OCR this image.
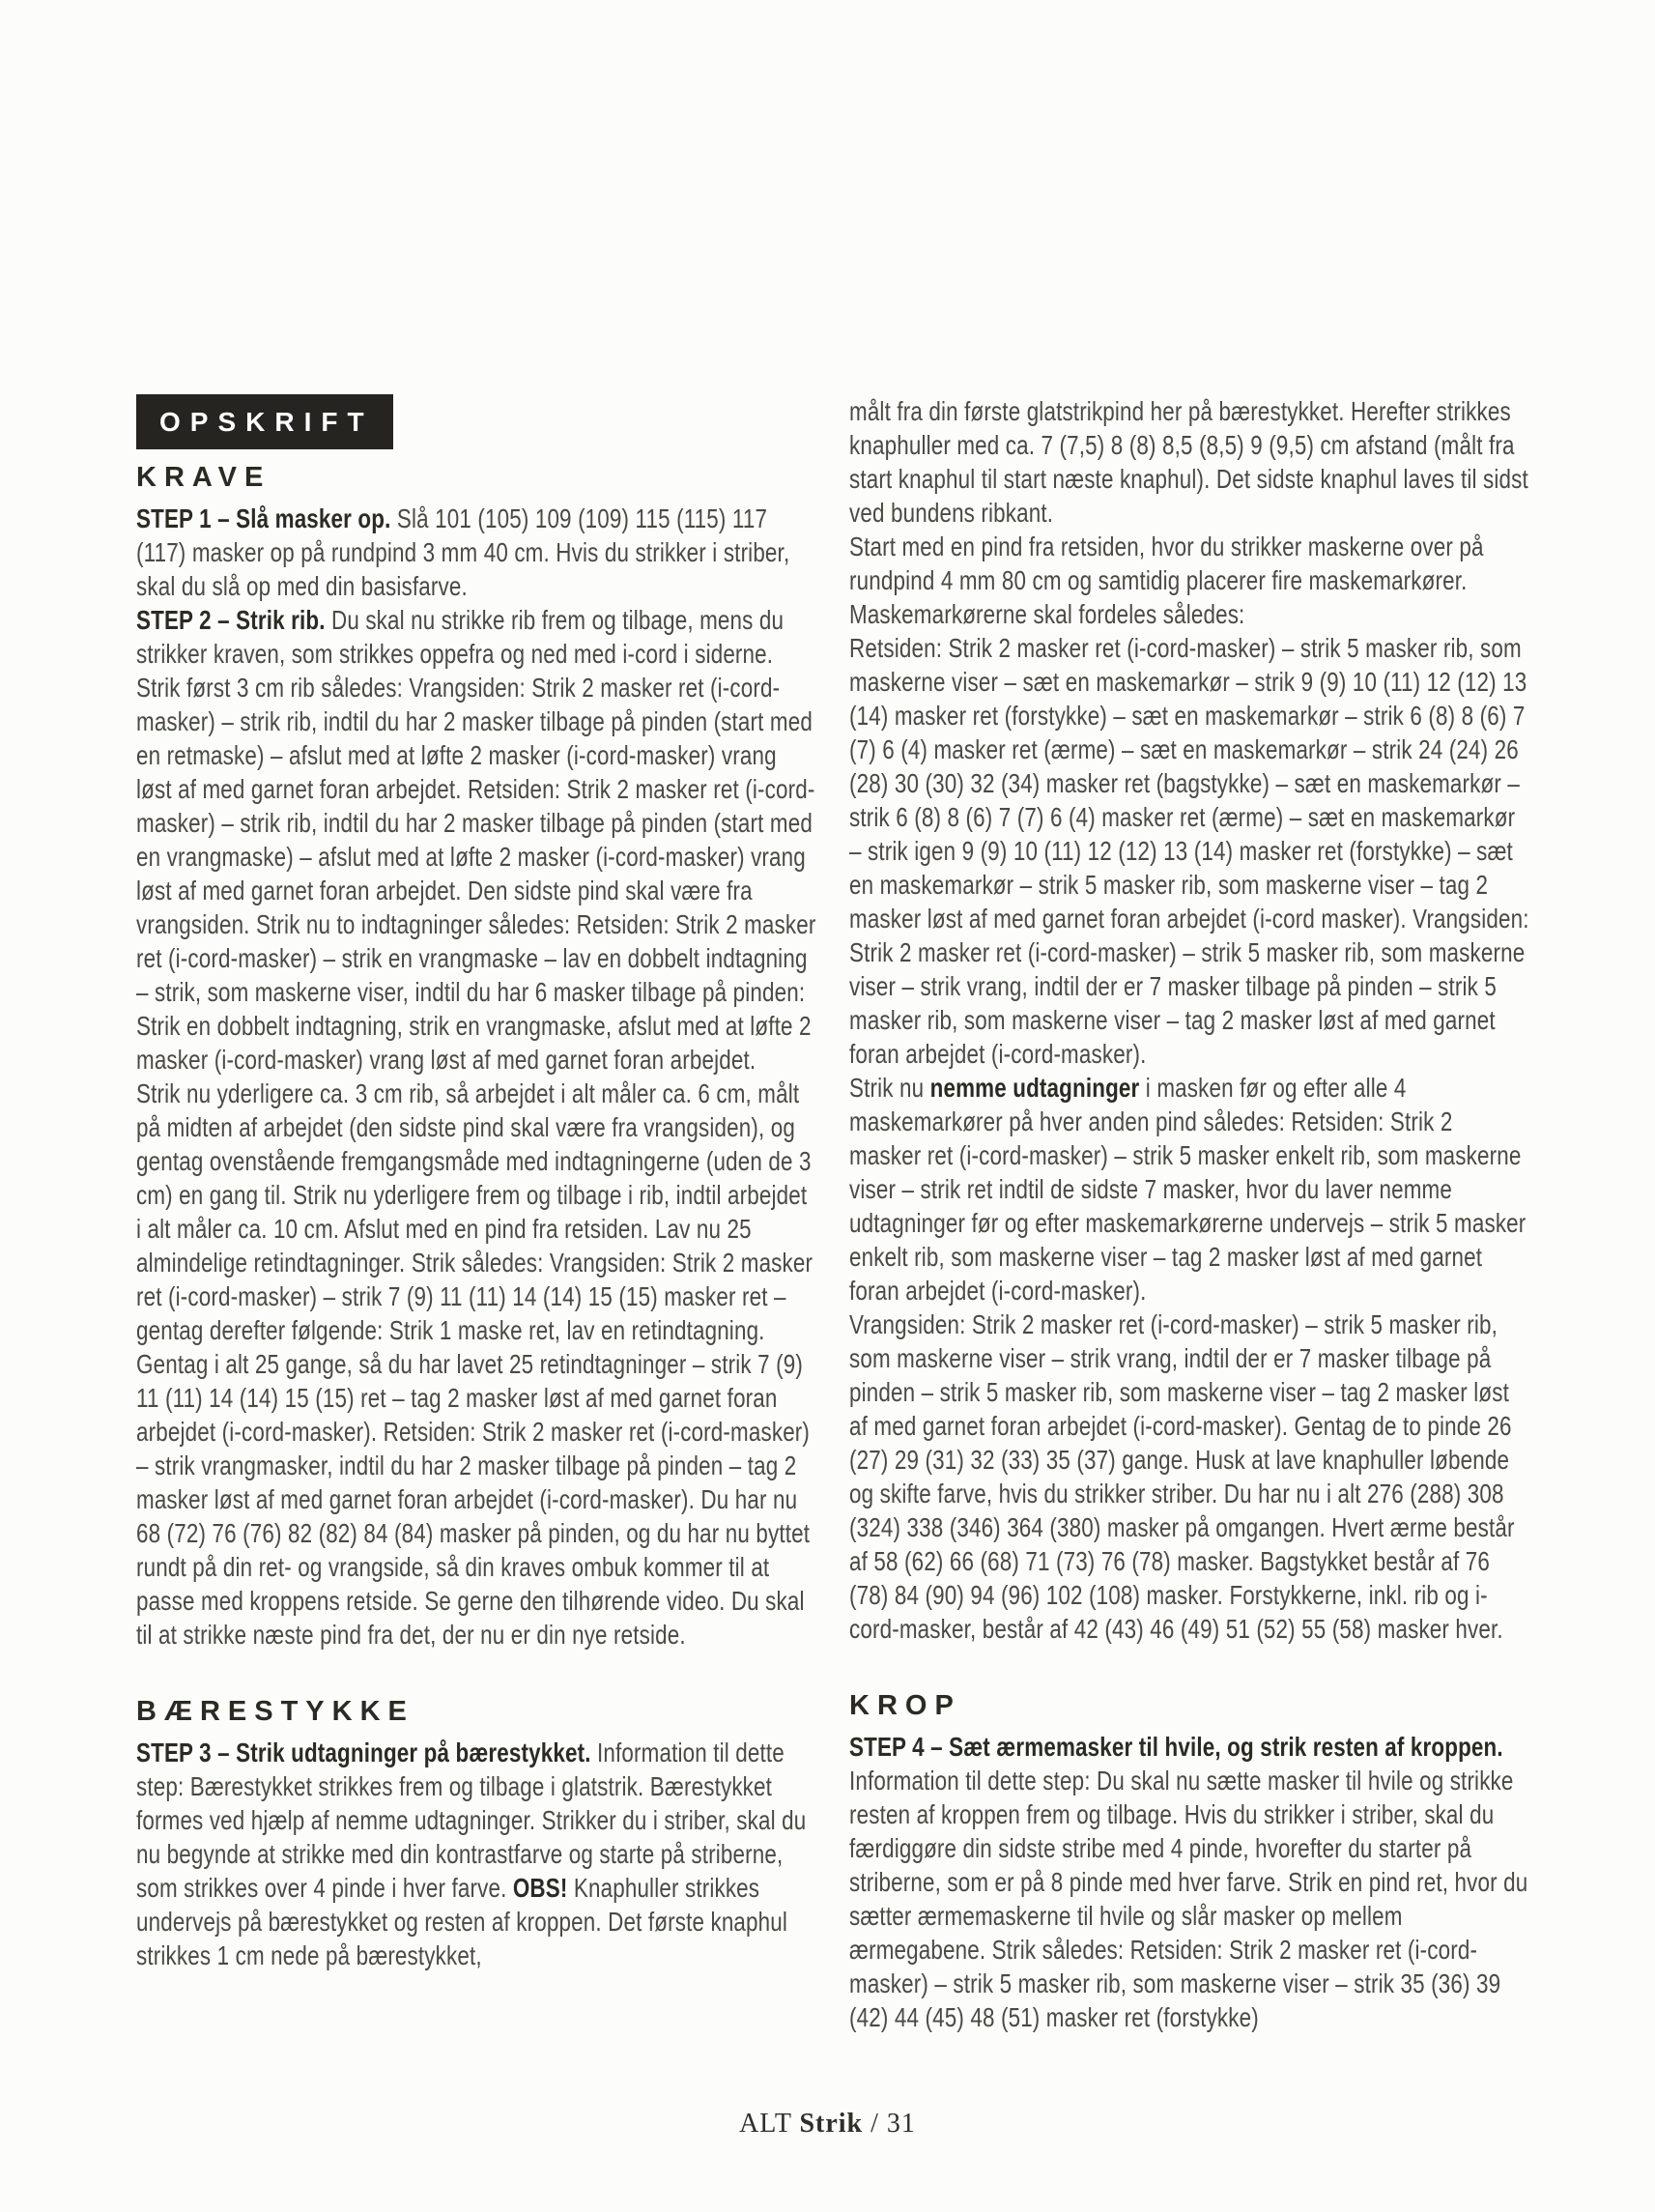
OPSKRIFT
KRAVE
STEP 1 – Slå masker op. Slå 101 (105) 109 (109) 115 (115) 117 (117) masker op på rundpind 3 mm 40 cm. Hvis du strikker i striber, skal du slå op med din basisfarve.
STEP 2 – Strik rib. Du skal nu strikke rib frem og tilbage, mens du strikker kraven, som strikkes oppefra og ned med i-cord i siderne. Strik først 3 cm rib således: Vrangsiden: Strik 2 masker ret (i-cord-masker) – strik rib, indtil du har 2 masker tilbage på pinden (start med en retmaske) – afslut med at løfte 2 masker (i-cord-masker) vrang løst af med garnet foran arbejdet. Retsiden: Strik 2 masker ret (i-cord-masker) – strik rib, indtil du har 2 masker tilbage på pinden (start med en vrangmaske) – afslut med at løfte 2 masker (i-cord-masker) vrang løst af med garnet foran arbejdet. Den sidste pind skal være fra vrangsiden. Strik nu to indtagninger således: Retsiden: Strik 2 masker ret (i-cord-masker) – strik en vrangmaske – lav en dobbelt indtagning – strik, som maskerne viser, indtil du har 6 masker tilbage på pinden: Strik en dobbelt indtagning, strik en vrangmaske, afslut med at løfte 2 masker (i-cord-masker) vrang løst af med garnet foran arbejdet.
Strik nu yderligere ca. 3 cm rib, så arbejdet i alt måler ca. 6 cm, målt på midten af arbejdet (den sidste pind skal være fra vrangsiden), og gentag ovenstående fremgangsmåde med indtagningerne (uden de 3 cm) en gang til. Strik nu yderligere frem og tilbage i rib, indtil arbejdet i alt måler ca. 10 cm. Afslut med en pind fra retsiden. Lav nu 25 almindelige retindtagninger. Strik således: Vrangsiden: Strik 2 masker ret (i-cord-masker) – strik 7 (9) 11 (11) 14 (14) 15 (15) masker ret – gentag derefter følgende: Strik 1 maske ret, lav en retindtagning. Gentag i alt 25 gange, så du har lavet 25 retindtagninger – strik 7 (9) 11 (11) 14 (14) 15 (15) ret – tag 2 masker løst af med garnet foran arbejdet (i-cord-masker). Retsiden: Strik 2 masker ret (i-cord-masker) – strik vrangmasker, indtil du har 2 masker tilbage på pinden – tag 2 masker løst af med garnet foran arbejdet (i-cord-masker). Du har nu 68 (72) 76 (76) 82 (82) 84 (84) masker på pinden, og du har nu byttet rundt på din ret- og vrangside, så din kraves ombuk kommer til at passe med kroppens retside. Se gerne den tilhørende video. Du skal til at strikke næste pind fra det, der nu er din nye retside.
BÆRESTYKKE
STEP 3 – Strik udtagninger på bærestykket. Information til dette step: Bærestykket strikkes frem og tilbage i glatstrik. Bærestykket formes ved hjælp af nemme udtagninger. Strikker du i striber, skal du nu begynde at strikke med din kontrastfarve og starte på striberne, som strikkes over 4 pinde i hver farve. OBS! Knaphuller strikkes undervejs på bærestykket og resten af kroppen. Det første knaphul strikkes 1 cm nede på bærestykket,
målt fra din første glatstrikpind her på bærestykket. Herefter strikkes knaphuller med ca. 7 (7,5) 8 (8) 8,5 (8,5) 9 (9,5) cm afstand (målt fra start knaphul til start næste knaphul). Det sidste knaphul laves til sidst ved bundens ribkant.
Start med en pind fra retsiden, hvor du strikker maskerne over på rundpind 4 mm 80 cm og samtidig placerer fire maskemarkører. Maskemarkørerne skal fordeles således:
Retsiden: Strik 2 masker ret (i-cord-masker) – strik 5 masker rib, som maskerne viser – sæt en maskemarkør – strik 9 (9) 10 (11) 12 (12) 13 (14) masker ret (forstykke) – sæt en maskemarkør – strik 6 (8) 8 (6) 7 (7) 6 (4) masker ret (ærme) – sæt en maskemarkør – strik 24 (24) 26 (28) 30 (30) 32 (34) masker ret (bagstykke) – sæt en maskemarkør – strik 6 (8) 8 (6) 7 (7) 6 (4) masker ret (ærme) – sæt en maskemarkør – strik igen 9 (9) 10 (11) 12 (12) 13 (14) masker ret (forstykke) – sæt en maskemarkør – strik 5 masker rib, som maskerne viser – tag 2 masker løst af med garnet foran arbejdet (i-cord masker). Vrangsiden: Strik 2 masker ret (i-cord-masker) – strik 5 masker rib, som maskerne viser – strik vrang, indtil der er 7 masker tilbage på pinden – strik 5 masker rib, som maskerne viser – tag 2 masker løst af med garnet foran arbejdet (i-cord-masker).
Strik nu nemme udtagninger i masken før og efter alle 4 maskemarkører på hver anden pind således: Retsiden: Strik 2 masker ret (i-cord-masker) – strik 5 masker enkelt rib, som maskerne viser – strik ret indtil de sidste 7 masker, hvor du laver nemme udtagninger før og efter maskemarkørerne undervejs – strik 5 masker enkelt rib, som maskerne viser – tag 2 masker løst af med garnet foran arbejdet (i-cord-masker).
Vrangsiden: Strik 2 masker ret (i-cord-masker) – strik 5 masker rib, som maskerne viser – strik vrang, indtil der er 7 masker tilbage på pinden – strik 5 masker rib, som maskerne viser – tag 2 masker løst af med garnet foran arbejdet (i-cord-masker). Gentag de to pinde 26 (27) 29 (31) 32 (33) 35 (37) gange. Husk at lave knaphuller løbende og skifte farve, hvis du strikker striber. Du har nu i alt 276 (288) 308 (324) 338 (346) 364 (380) masker på omgangen. Hvert ærme består af 58 (62) 66 (68) 71 (73) 76 (78) masker. Bagstykket består af 76 (78) 84 (90) 94 (96) 102 (108) masker. Forstykkerne, inkl. rib og i-cord-masker, består af 42 (43) 46 (49) 51 (52) 55 (58) masker hver.
KROP
STEP 4 – Sæt ærmemasker til hvile, og strik resten af kroppen. Information til dette step: Du skal nu sætte masker til hvile og strikke resten af kroppen frem og tilbage. Hvis du strikker i striber, skal du færdiggøre din sidste stribe med 4 pinde, hvorefter du starter på striberne, som er på 8 pinde med hver farve. Strik en pind ret, hvor du sætter ærmemaskerne til hvile og slår masker op mellem ærmegabene. Strik således: Retsiden: Strik 2 masker ret (i-cord-masker) – strik 5 masker rib, som maskerne viser – strik 35 (36) 39 (42) 44 (45) 48 (51) masker ret (forstykke)
ALT Strik / 31
